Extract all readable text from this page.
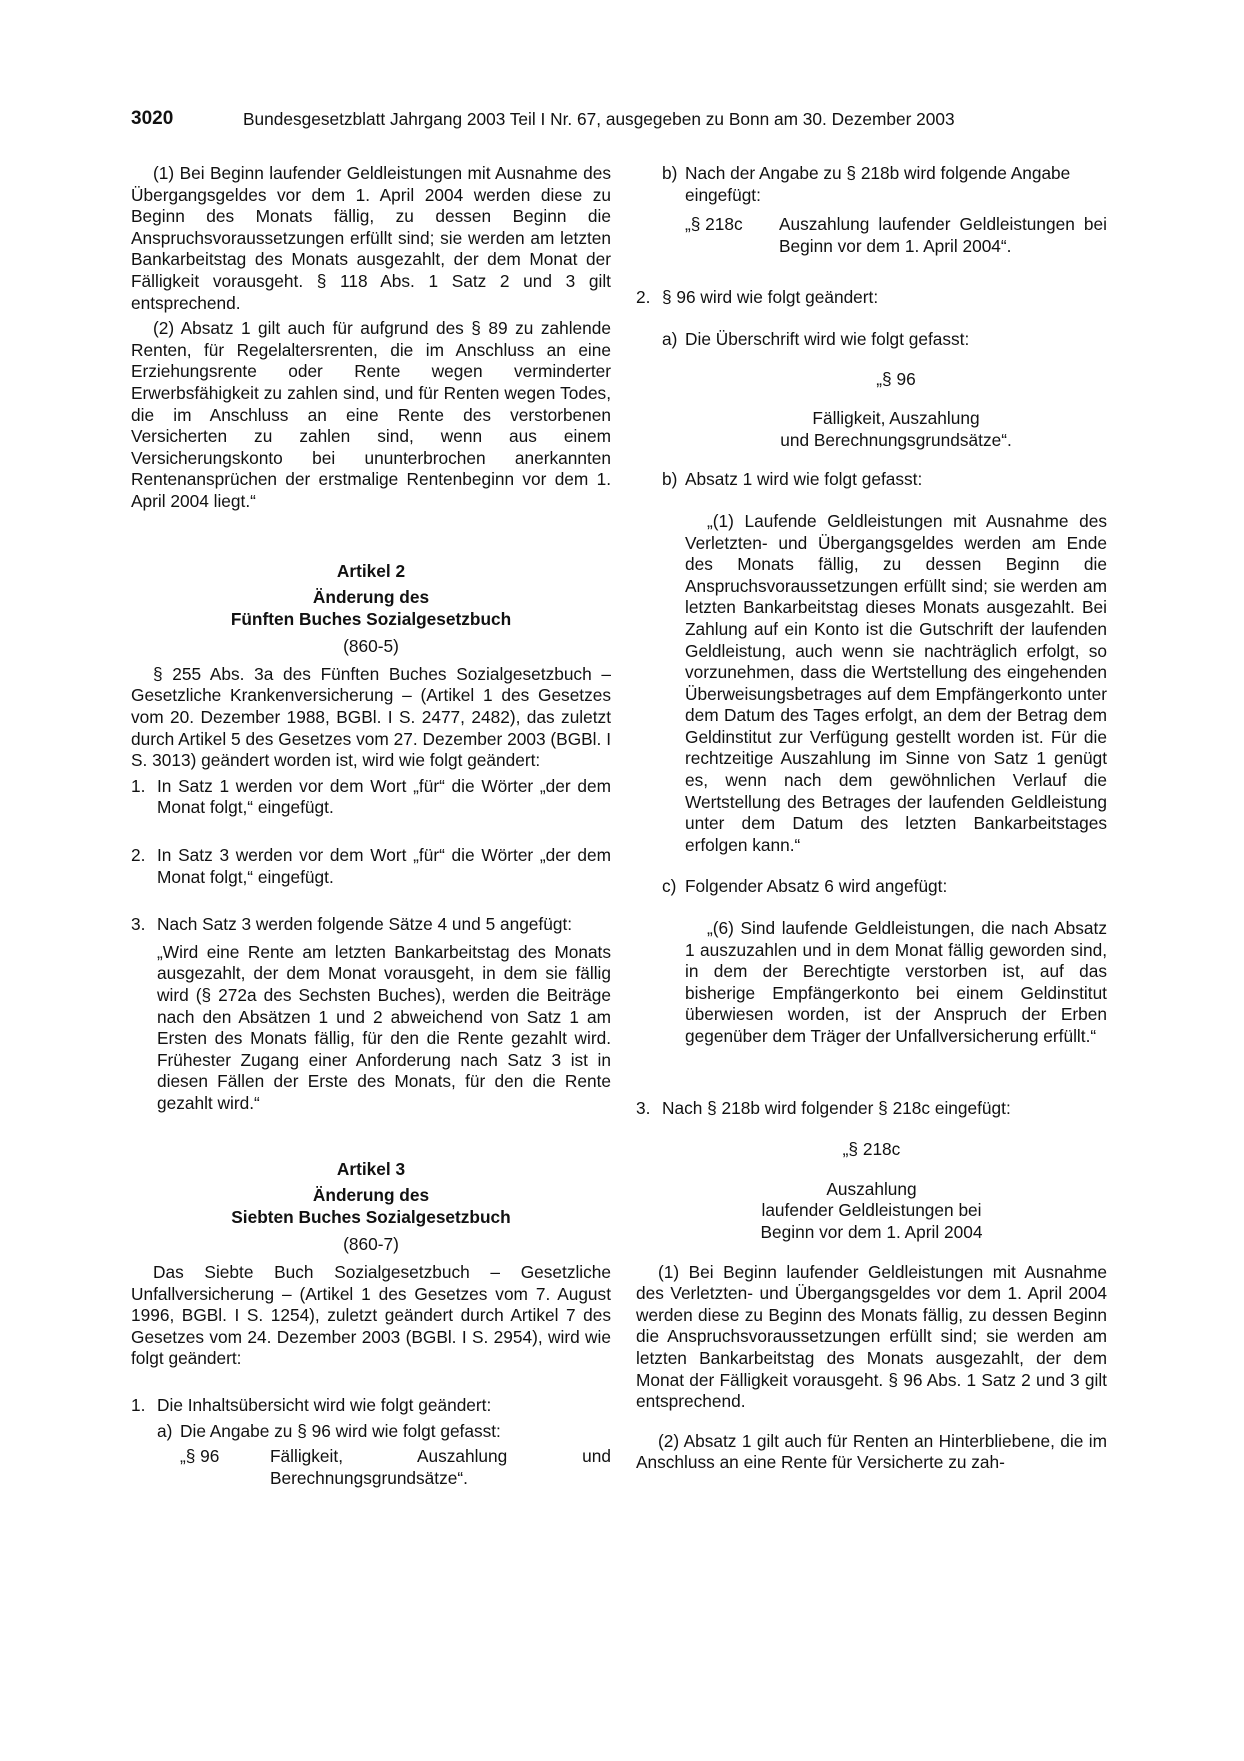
3020	Bundesgesetzblatt Jahrgang 2003 Teil I Nr. 67, ausgegeben zu Bonn am 30. Dezember 2003

(1) Bei Beginn laufender Geldleistungen mit Ausnahme des Übergangsgeldes vor dem 1. April 2004 werden diese zu Beginn des Monats fällig, zu dessen Beginn die Anspruchsvoraussetzungen erfüllt sind; sie werden am letzten Bankarbeitstag des Monats ausgezahlt, der dem Monat der Fälligkeit vorausgeht. § 118 Abs. 1 Satz 2 und 3 gilt entsprechend.

(2) Absatz 1 gilt auch für aufgrund des § 89 zu zahlende Renten, für Regelaltersrenten, die im Anschluss an eine Erziehungsrente oder Rente wegen verminderter Erwerbsfähigkeit zu zahlen sind, und für Renten wegen Todes, die im Anschluss an eine Rente des verstorbenen Versicherten zu zahlen sind, wenn aus einem Versicherungskonto bei ununterbrochen anerkannten Rentenansprüchen der erstmalige Rentenbeginn vor dem 1. April 2004 liegt.“

Artikel 2

Änderung des

Fünften Buches Sozialgesetzbuch

(860-5)

§ 255 Abs. 3a des Fünften Buches Sozialgesetzbuch – Gesetzliche Krankenversicherung – (Artikel 1 des Gesetzes vom 20. Dezember 1988, BGBl. I S. 2477, 2482), das zuletzt durch Artikel 5 des Gesetzes vom 27. Dezember 2003 (BGBl. I S. 3013) geändert worden ist, wird wie folgt geändert:

1. In Satz 1 werden vor dem Wort „für“ die Wörter „der dem Monat folgt,“ eingefügt.
2. In Satz 3 werden vor dem Wort „für“ die Wörter „der dem Monat folgt,“ eingefügt.
3. Nach Satz 3 werden folgende Sätze 4 und 5 angefügt:

„Wird eine Rente am letzten Bankarbeitstag des Monats ausgezahlt, der dem Monat vorausgeht, in dem sie fällig wird (§ 272a des Sechsten Buches), werden die Beiträge nach den Absätzen 1 und 2 abweichend von Satz 1 am Ersten des Monats fällig, für den die Rente gezahlt wird. Frühester Zugang einer Anforderung nach Satz 3 ist in diesen Fällen der Erste des Monats, für den die Rente gezahlt wird.“

Artikel 3

Änderung des

Siebten Buches Sozialgesetzbuch

(860-7)

Das Siebte Buch Sozialgesetzbuch – Gesetzliche Unfallversicherung – (Artikel 1 des Gesetzes vom 7. August 1996, BGBl. I S. 1254), zuletzt geändert durch Artikel 7 des Gesetzes vom 24. Dezember 2003 (BGBl. I S. 2954), wird wie folgt geändert:

1. Die Inhaltsübersicht wird wie folgt geändert:
a) Die Angabe zu § 96 wird wie folgt gefasst:
„§ 96	Fälligkeit, Auszahlung und Berechnungsgrundsätze“.
b) Nach der Angabe zu § 218b wird folgende Angabe eingefügt:
„§ 218c	Auszahlung laufender Geldleistungen bei Beginn vor dem 1. April 2004“.
2. § 96 wird wie folgt geändert:
a) Die Überschrift wird wie folgt gefasst:

„§ 96

Fälligkeit, Auszahlung

und Berechnungsgrundsätze“.

b) Absatz 1 wird wie folgt gefasst:

„(1) Laufende Geldleistungen mit Ausnahme des Verletzten- und Übergangsgeldes werden am Ende des Monats fällig, zu dessen Beginn die Anspruchsvoraussetzungen erfüllt sind; sie werden am letzten Bankarbeitstag dieses Monats ausgezahlt. Bei Zahlung auf ein Konto ist die Gutschrift der laufenden Geldleistung, auch wenn sie nachträglich erfolgt, so vorzunehmen, dass die Wertstellung des eingehenden Überweisungsbetrages auf dem Empfängerkonto unter dem Datum des Tages erfolgt, an dem der Betrag dem Geldinstitut zur Verfügung gestellt worden ist. Für die rechtzeitige Auszahlung im Sinne von Satz 1 genügt es, wenn nach dem gewöhnlichen Verlauf die Wertstellung des Betrages der laufenden Geldleistung unter dem Datum des letzten Bankarbeitstages erfolgen kann.“

c) Folgender Absatz 6 wird angefügt:

„(6) Sind laufende Geldleistungen, die nach Absatz 1 auszuzahlen und in dem Monat fällig geworden sind, in dem der Berechtigte verstorben ist, auf das bisherige Empfängerkonto bei einem Geldinstitut überwiesen worden, ist der Anspruch der Erben gegenüber dem Träger der Unfallversicherung erfüllt.“

3. Nach § 218b wird folgender § 218c eingefügt:

„§ 218c

Auszahlung

laufender Geldleistungen bei

Beginn vor dem 1. April 2004

(1) Bei Beginn laufender Geldleistungen mit Ausnahme des Verletzten- und Übergangsgeldes vor dem 1. April 2004 werden diese zu Beginn des Monats fällig, zu dessen Beginn die Anspruchsvoraussetzungen erfüllt sind; sie werden am letzten Bankarbeitstag des Monats ausgezahlt, der dem Monat der Fälligkeit vorausgeht. § 96 Abs. 1 Satz 2 und 3 gilt entsprechend.

(2) Absatz 1 gilt auch für Renten an Hinterbliebene, die im Anschluss an eine Rente für Versicherte zu zah-
